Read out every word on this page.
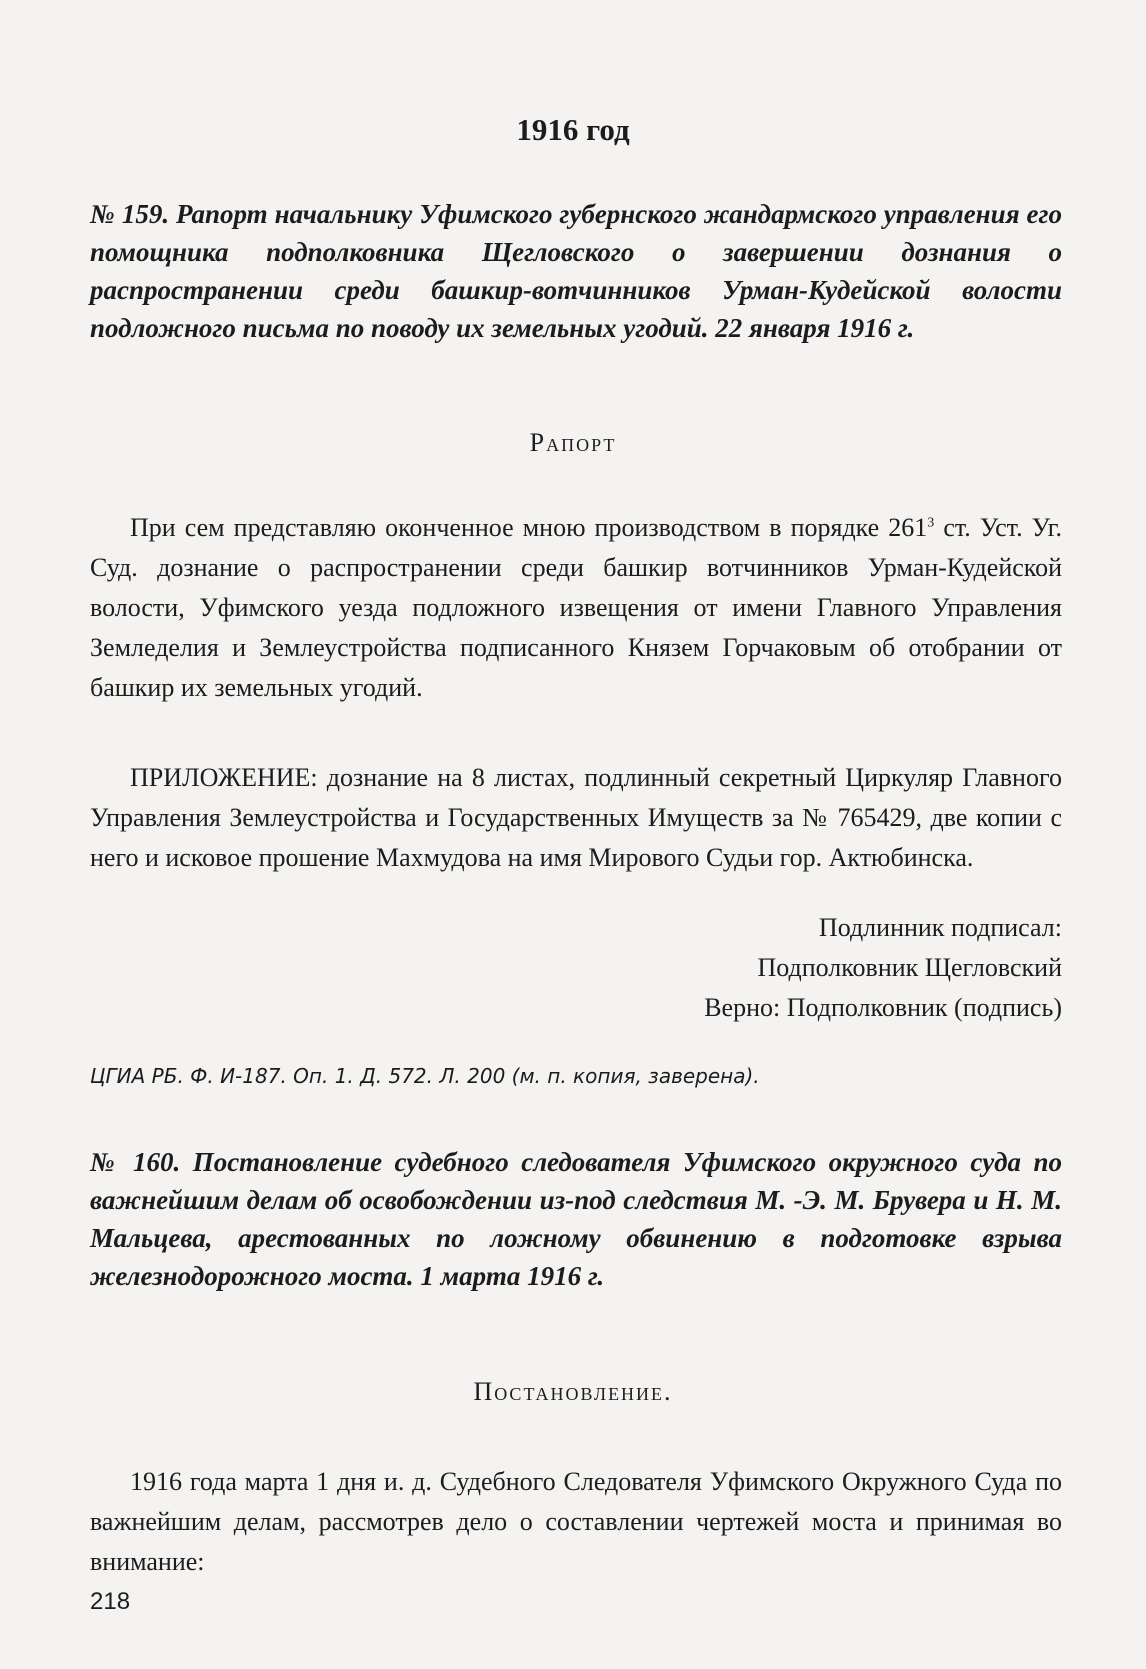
1916 год
№ 159. Рапорт начальнику Уфимского губернского жандармского управления его помощника подполковника Щегловского о завершении дознания о распространении среди башкир-вотчинников Урман-Кудейской волости подложного письма по поводу их земельных угодий. 22 января 1916 г.
Рапорт

При сем представляю оконченное мною производством в порядке $261^3$ ст. Уст. Уг. Суд. дознание о распространении среди башкир вотчинников Урман-Кудейской волости, Уфимского уезда подложного извещения от имени Главного Управления Земледелия и Землеустройства подписанного Князем Горчаковым об отобрании от башкир их земельных угодий.

ПРИЛОЖЕНИЕ: дознание на 8 листах, подлинный секретный Циркуляр Главного Управления Землеустройства и Государственных Имуществ за № 765429, две копии с него и исковое прошение Махмудова на имя Мирового Судьи гор. Актюбинска.

Подлинник подписал:
Подполковник Щегловский
Верно: Подполковник (подпись)
ЦГИА РБ. Ф. И-187. Оп. 1. Д. 572. Л. 200 (м. п. копия, заверена).
№ 160. Постановление судебного следователя Уфимского окружного суда по важнейшим делам об освобождении из-под следствия М. -Э. М. Брувера и Н. М. Мальцева, арестованных по ложному обвинению в подготовке взрыва железнодорожного моста. 1 марта 1916 г.
Постановление.

1916 года марта 1 дня и. д. Судебного Следователя Уфимского Окружного Суда по важнейшим делам, рассмотрев дело о составлении чертежей моста и принимая во внимание:

218
